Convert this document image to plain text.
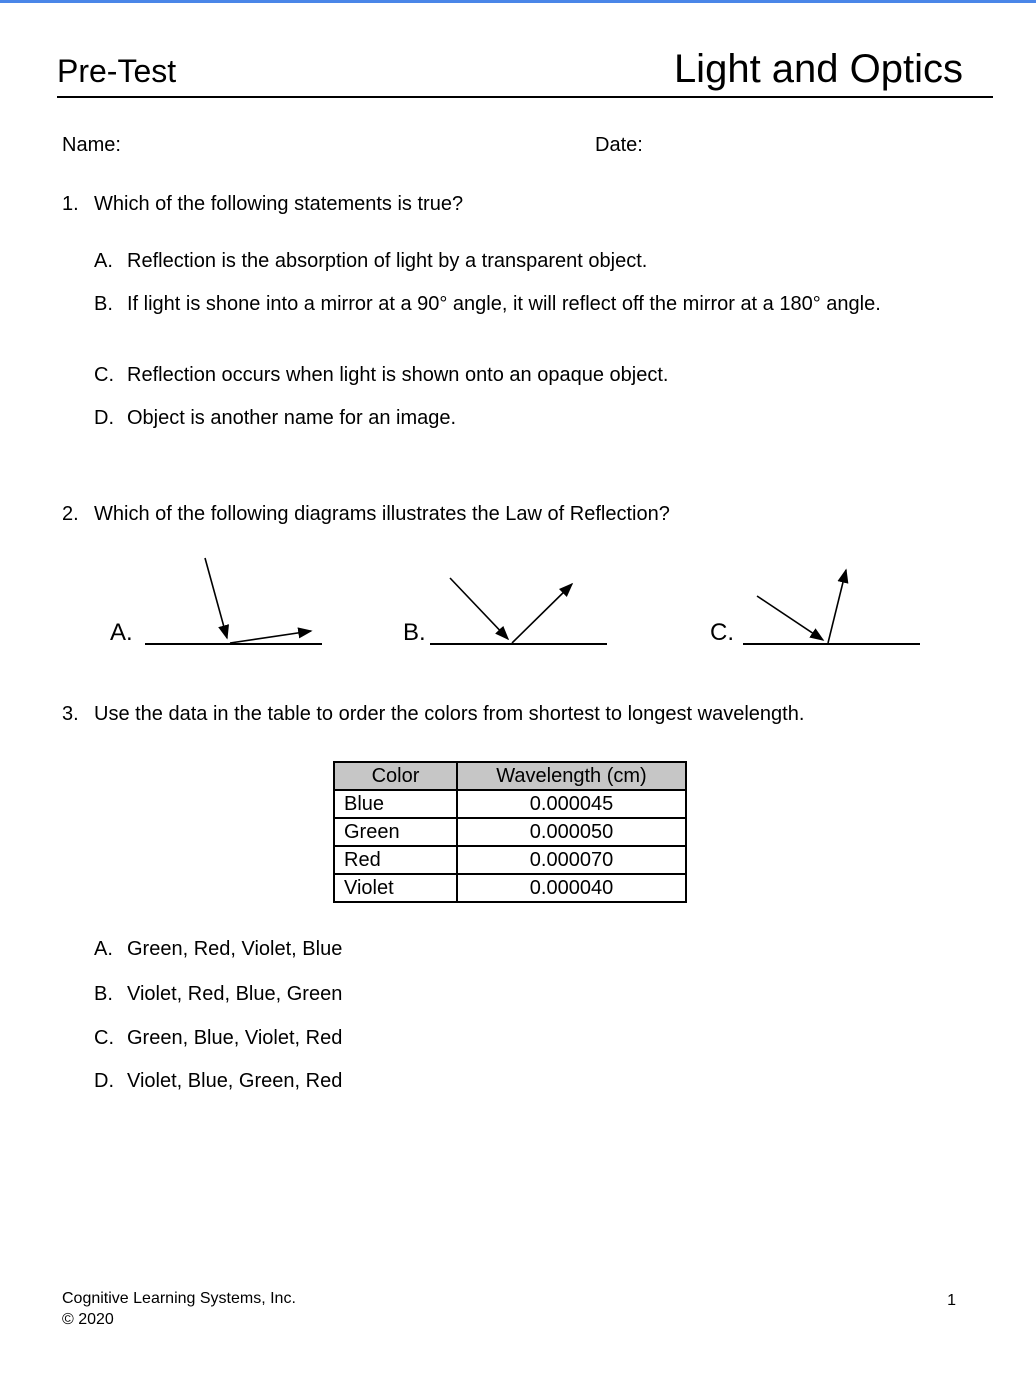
Pre-Test	Light and Optics
Name:	Date:
1. Which of the following statements is true?
A. Reflection is the absorption of light by a transparent object.
B. If light is shone into a mirror at a 90° angle, it will reflect off the mirror at a 180° angle.
C. Reflection occurs when light is shown onto an opaque object.
D. Object is another name for an image.
2. Which of the following diagrams illustrates the Law of Reflection?
A.	B.	C.
3. Use the data in the table to order the colors from shortest to longest wavelength.
Color	Wavelength (cm)
Blue	0.000045
Green	0.000050
Red	0.000070
Violet	0.000040
A. Green, Red, Violet, Blue
B. Violet, Red, Blue, Green
C. Green, Blue, Violet, Red
D. Violet, Blue, Green, Red
Cognitive Learning Systems, Inc.
© 2020
1
